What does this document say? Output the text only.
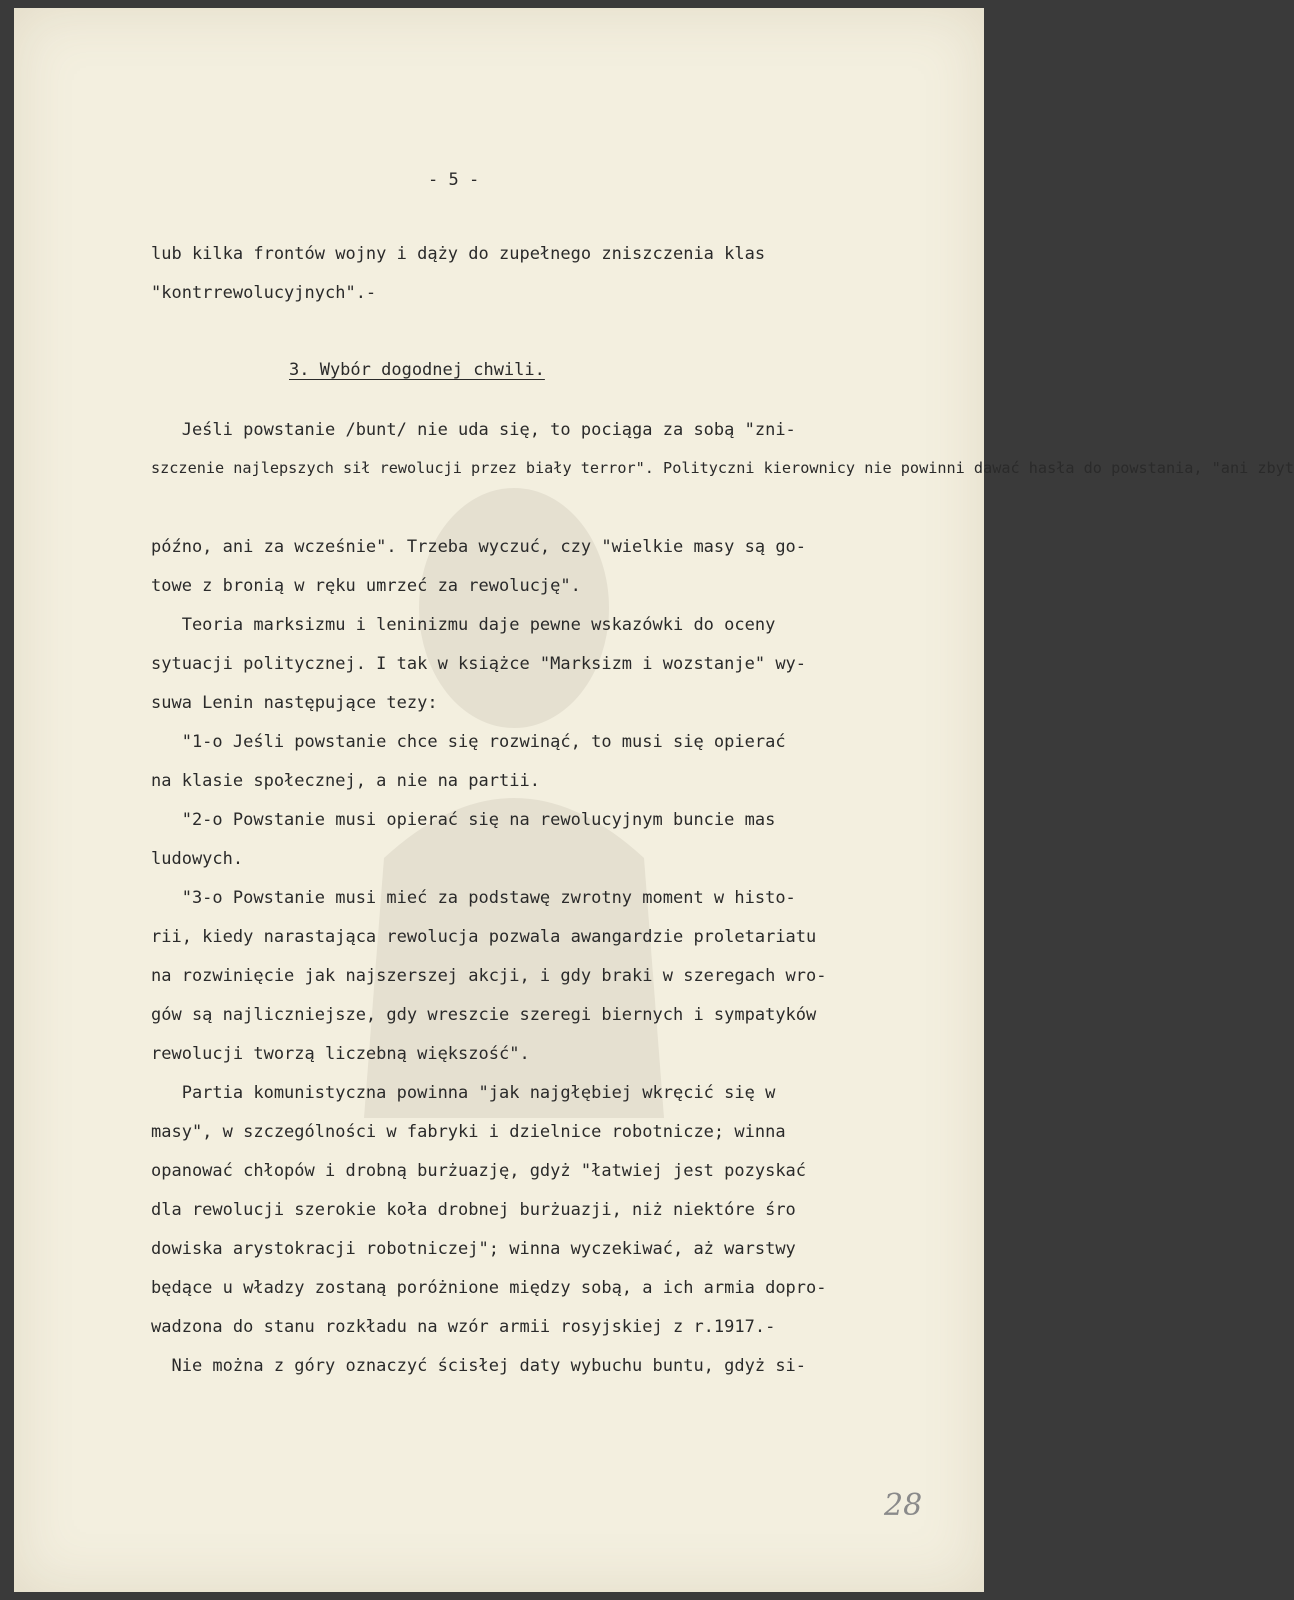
- 5 -
lub kilka frontów wojny i dąży do zupełnego zniszczenia klas
"kontrrewolucyjnych".-
3. Wybór dogodnej chwili.
Jeśli powstanie /bunt/ nie uda się, to pociąga za sobą "zni-
szczenie najlepszych sił rewolucji przez biały terror". Polityczni kierownicy nie powinni dawać hasła do powstania, "ani zbyt
późno, ani za wcześnie". Trzeba wyczuć, czy "wielkie masy są go-
towe z bronią w ręku umrzeć za rewolucję".
Teoria marksizmu i leninizmu daje pewne wskazówki do oceny
sytuacji politycznej. I tak w książce "Marksizm i wozstanje" wy-
suwa Lenin następujące tezy:
"1-o Jeśli powstanie chce się rozwinąć, to musi się opierać
na klasie społecznej, a nie na partii.
"2-o Powstanie musi opierać się na rewolucyjnym buncie mas
ludowych.
"3-o Powstanie musi mieć za podstawę zwrotny moment w histo-
rii, kiedy narastająca rewolucja pozwala awangardzie proletariatu
na rozwinięcie jak najszerszej akcji, i gdy braki w szeregach wro-
gów są najliczniejsze, gdy wreszcie szeregi biernych i sympatyków
rewolucji tworzą liczebną większość".
Partia komunistyczna powinna "jak najgłębiej wkręcić się w
masy", w szczególności w fabryki i dzielnice robotnicze; winna
opanować chłopów i drobną burżuazję, gdyż "łatwiej jest pozyskać
dla rewolucji szerokie koła drobnej burżuazji, niż niektóre śro
dowiska arystokracji robotniczej"; winna wyczekiwać, aż warstwy
będące u władzy zostaną poróżnione między sobą, a ich armia dopro-
wadzona do stanu rozkładu na wzór armii rosyjskiej z r.1917.-
Nie można z góry oznaczyć ścisłej daty wybuchu buntu, gdyż si-
28
